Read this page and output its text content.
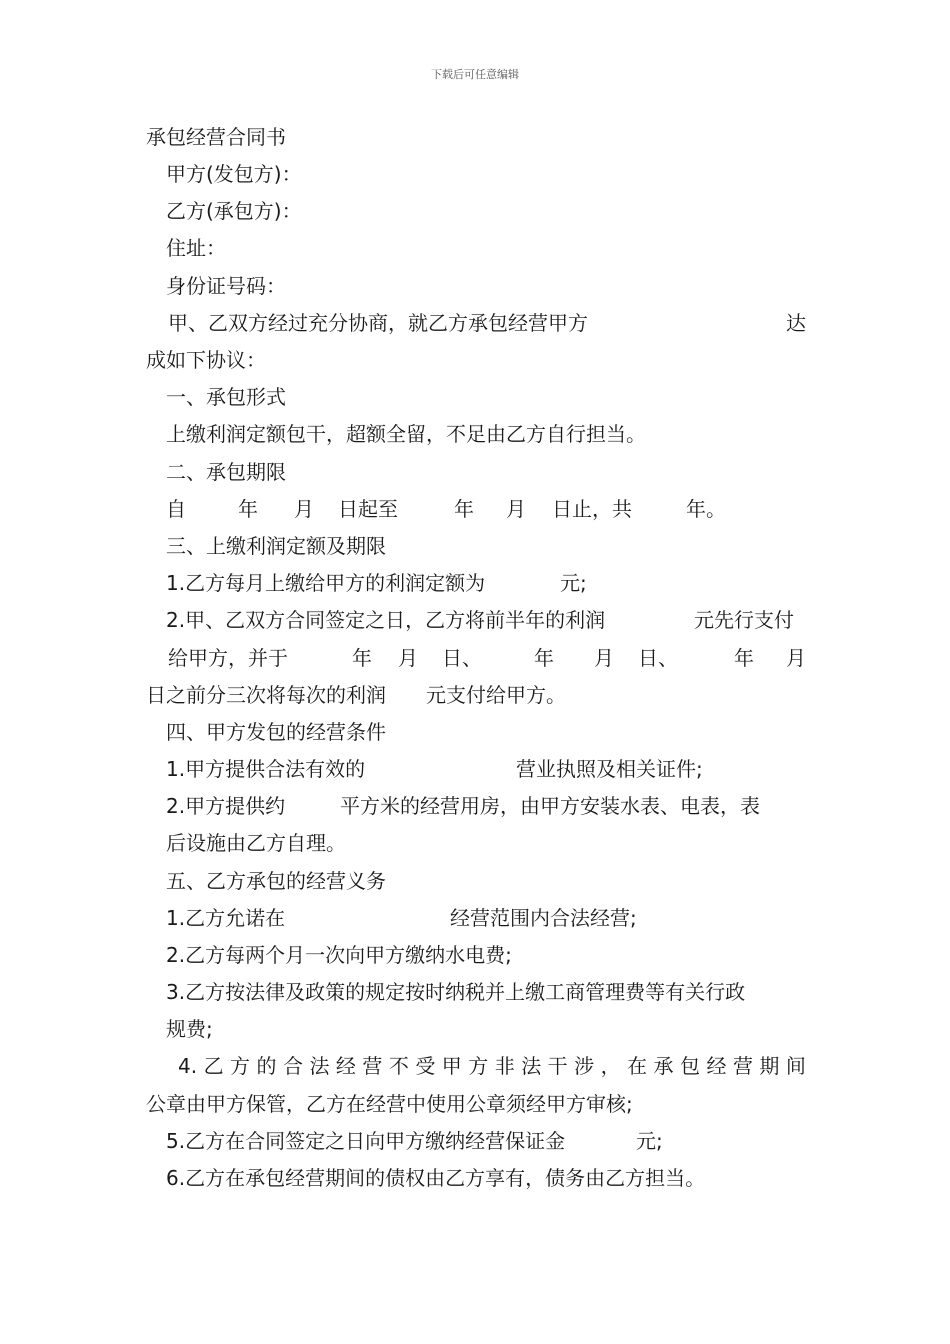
下载后可任意编辑
承包经营合同书
甲方(发包方)：
乙方(承包方)：
住址：
身份证号码：
甲、乙双方经过充分协商，就乙方承包经营甲方	达
成如下协议：
一、承包形式
上缴利润定额包干，超额全留，不足由乙方自行担当。
二、承包期限
自	年 月 日起至	年 月 日止，共	年。
三、上缴利润定额及期限
1.乙方每月上缴给甲方的利润定额为	元;
2.甲、乙双方合同签定之日，乙方将前半年的利润	元先行支付
给甲方，并于	年 月 日、	年 月 日、	年 月
日之前分三次将每次的利润 元支付给甲方。
四、甲方发包的经营条件
1.甲方提供合法有效的	营业执照及相关证件;
2.甲方提供约	平方米的经营用房，由甲方安装水表、电表，表
后设施由乙方自理。
五、乙方承包的经营义务
1.乙方允诺在	经营范围内合法经营;
2.乙方每两个月一次向甲方缴纳水电费;
3.乙方按法律及政策的规定按时纳税并上缴工商管理费等有关行政
规费;
4. 乙 方 的 合 法 经 营 不 受 甲 方 非 法 干 涉 ， 在 承 包 经 营 期 间
公章由甲方保管，乙方在经营中使用公章须经甲方审核;
5.乙方在合同签定之日向甲方缴纳经营保证金	元;
6.乙方在承包经营期间的债权由乙方享有，债务由乙方担当。
